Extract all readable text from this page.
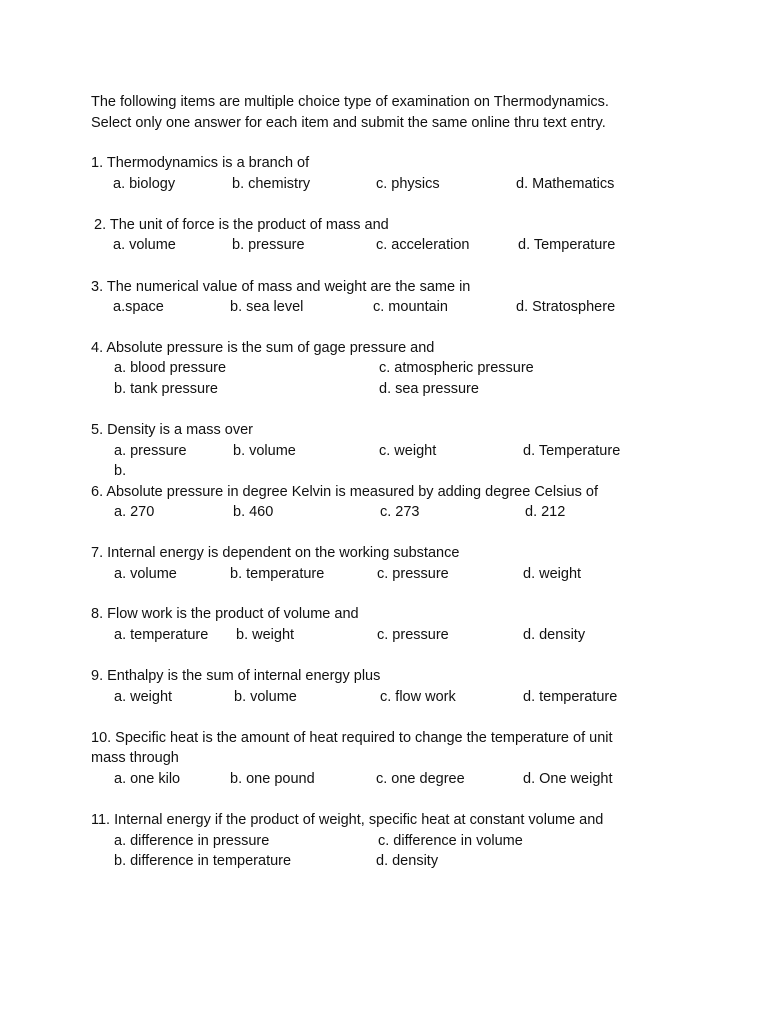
The following items are multiple choice type of examination on Thermodynamics.
Select only one answer for each item and submit the same online thru text entry.
1. Thermodynamics is a branch of
a. biology	b. chemistry	c. physics	d. Mathematics
2. The unit of force is the product of mass and
a. volume	b. pressure	c. acceleration	d. Temperature
3. The numerical value of mass and weight are the same in
a.space	b. sea level	c. mountain	d. Stratosphere
4. Absolute pressure is the sum of gage pressure and
a. blood pressure	c. atmospheric pressure
b. tank pressure	d. sea pressure
5. Density is a mass over
a. pressure	b. volume	c. weight	d. Temperature
b.
6. Absolute pressure in degree Kelvin is measured by adding degree Celsius of
a. 270	b. 460	c. 273	d. 212
7. Internal energy is dependent on the working substance
a. volume	b. temperature	c. pressure	d. weight
8. Flow work is the product of volume and
a. temperature b. weight	c. pressure	d. density
9. Enthalpy is the sum of internal energy plus
a. weight	b. volume	c. flow work	d. temperature
10. Specific heat is the amount of heat required to change the temperature of unit
mass through
a. one kilo	b. one pound	c. one degree	d. One weight
11. Internal energy if the product of weight, specific heat at constant volume and
a. difference in pressure	c. difference in volume
b. difference in temperature	d. density
